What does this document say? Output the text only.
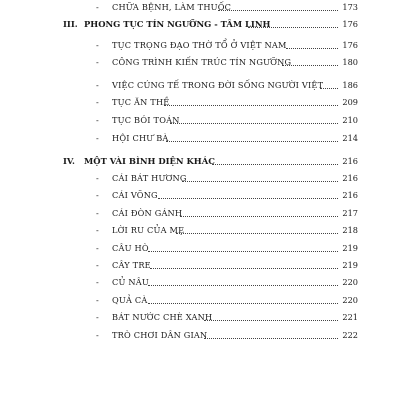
- CHỮA BỆNH, LÀM THUỐC	173
III. PHONG TỤC TÍN NGƯỠNG - TÂM LINH	176
- TỤC TRỌNG ĐẠO THỜ TỔ Ở VIỆT NAM	176
- CÔNG TRÌNH KIẾN TRÚC TÍN NGƯỠNG	180
- VIỆC CÚNG TẾ TRONG ĐỜI SỐNG NGƯỜI VIỆT 186
- TỤC ĂN THỀ	209
- TỤC BÓI TOÁN	210
- HỘI CHƯ BÀ	214
IV. MỘT VÀI BÌNH DIỆN KHÁC	216
- CÁI BÁT HƯƠNG	216
- CÁI VÕNG	216
- CÁI ĐÒN GÁNH	217
- LỜI RU CỦA MẸ	218
- CÂU HÒ	219
- CÂY TRE	219
- CỦ NÂU	220
- QUẢ CÀ	220
- BÁT NƯỚC CHÈ XANH	221
- TRÒ CHƠI DÂN GIAN	222
